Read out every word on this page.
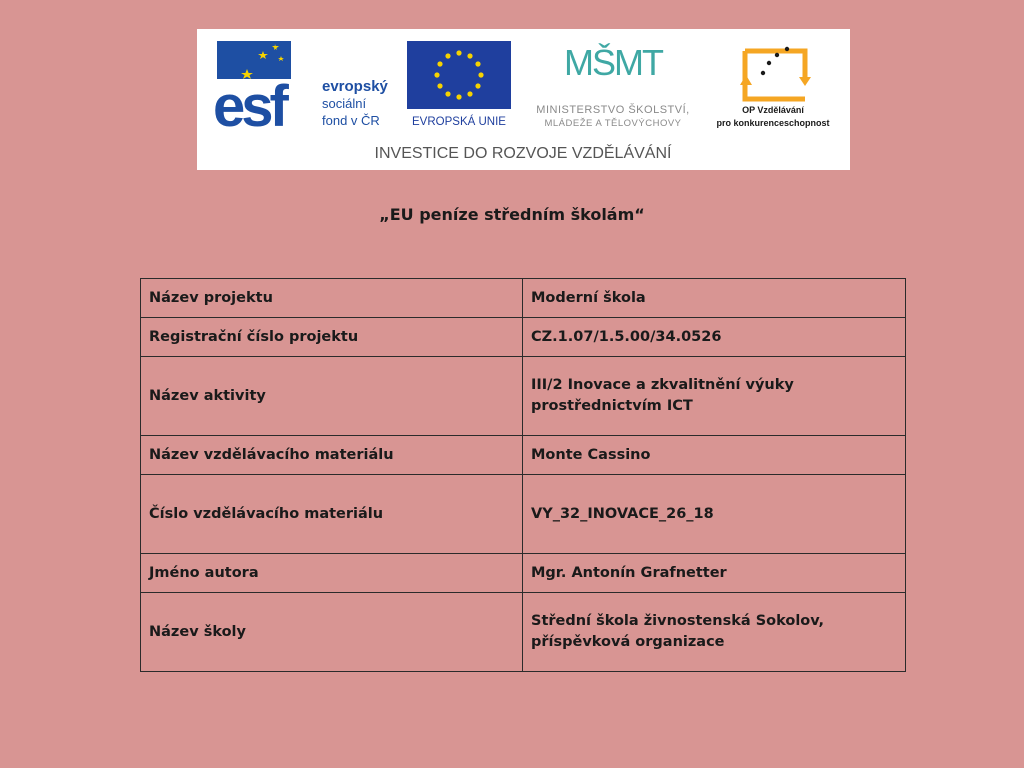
esf	evropský
sociální
fond v ČR	EVROPSKÁ UNIE
MŠMT
MINISTERSTVO ŠKOLSTVÍ,
MLÁDEŽE A TĚLOVÝCHOVY
OP Vzdělávání
pro konkurenceschopnost
INVESTICE DO ROZVOJE VZDĚLÁVÁNÍ
„EU peníze středním školám“
Název projektu	Moderní škola
Registrační číslo projektu	CZ.1.07/1.5.00/34.0526
Název aktivity	III/2 Inovace a zkvalitnění výuky prostřednictvím ICT
Název vzdělávacího materiálu	Monte Cassino
Číslo vzdělávacího materiálu	VY_32_INOVACE_26_18
Jméno autora	Mgr. Antonín Grafnetter
Název školy	Střední škola živnostenská Sokolov, příspěvková organizace
